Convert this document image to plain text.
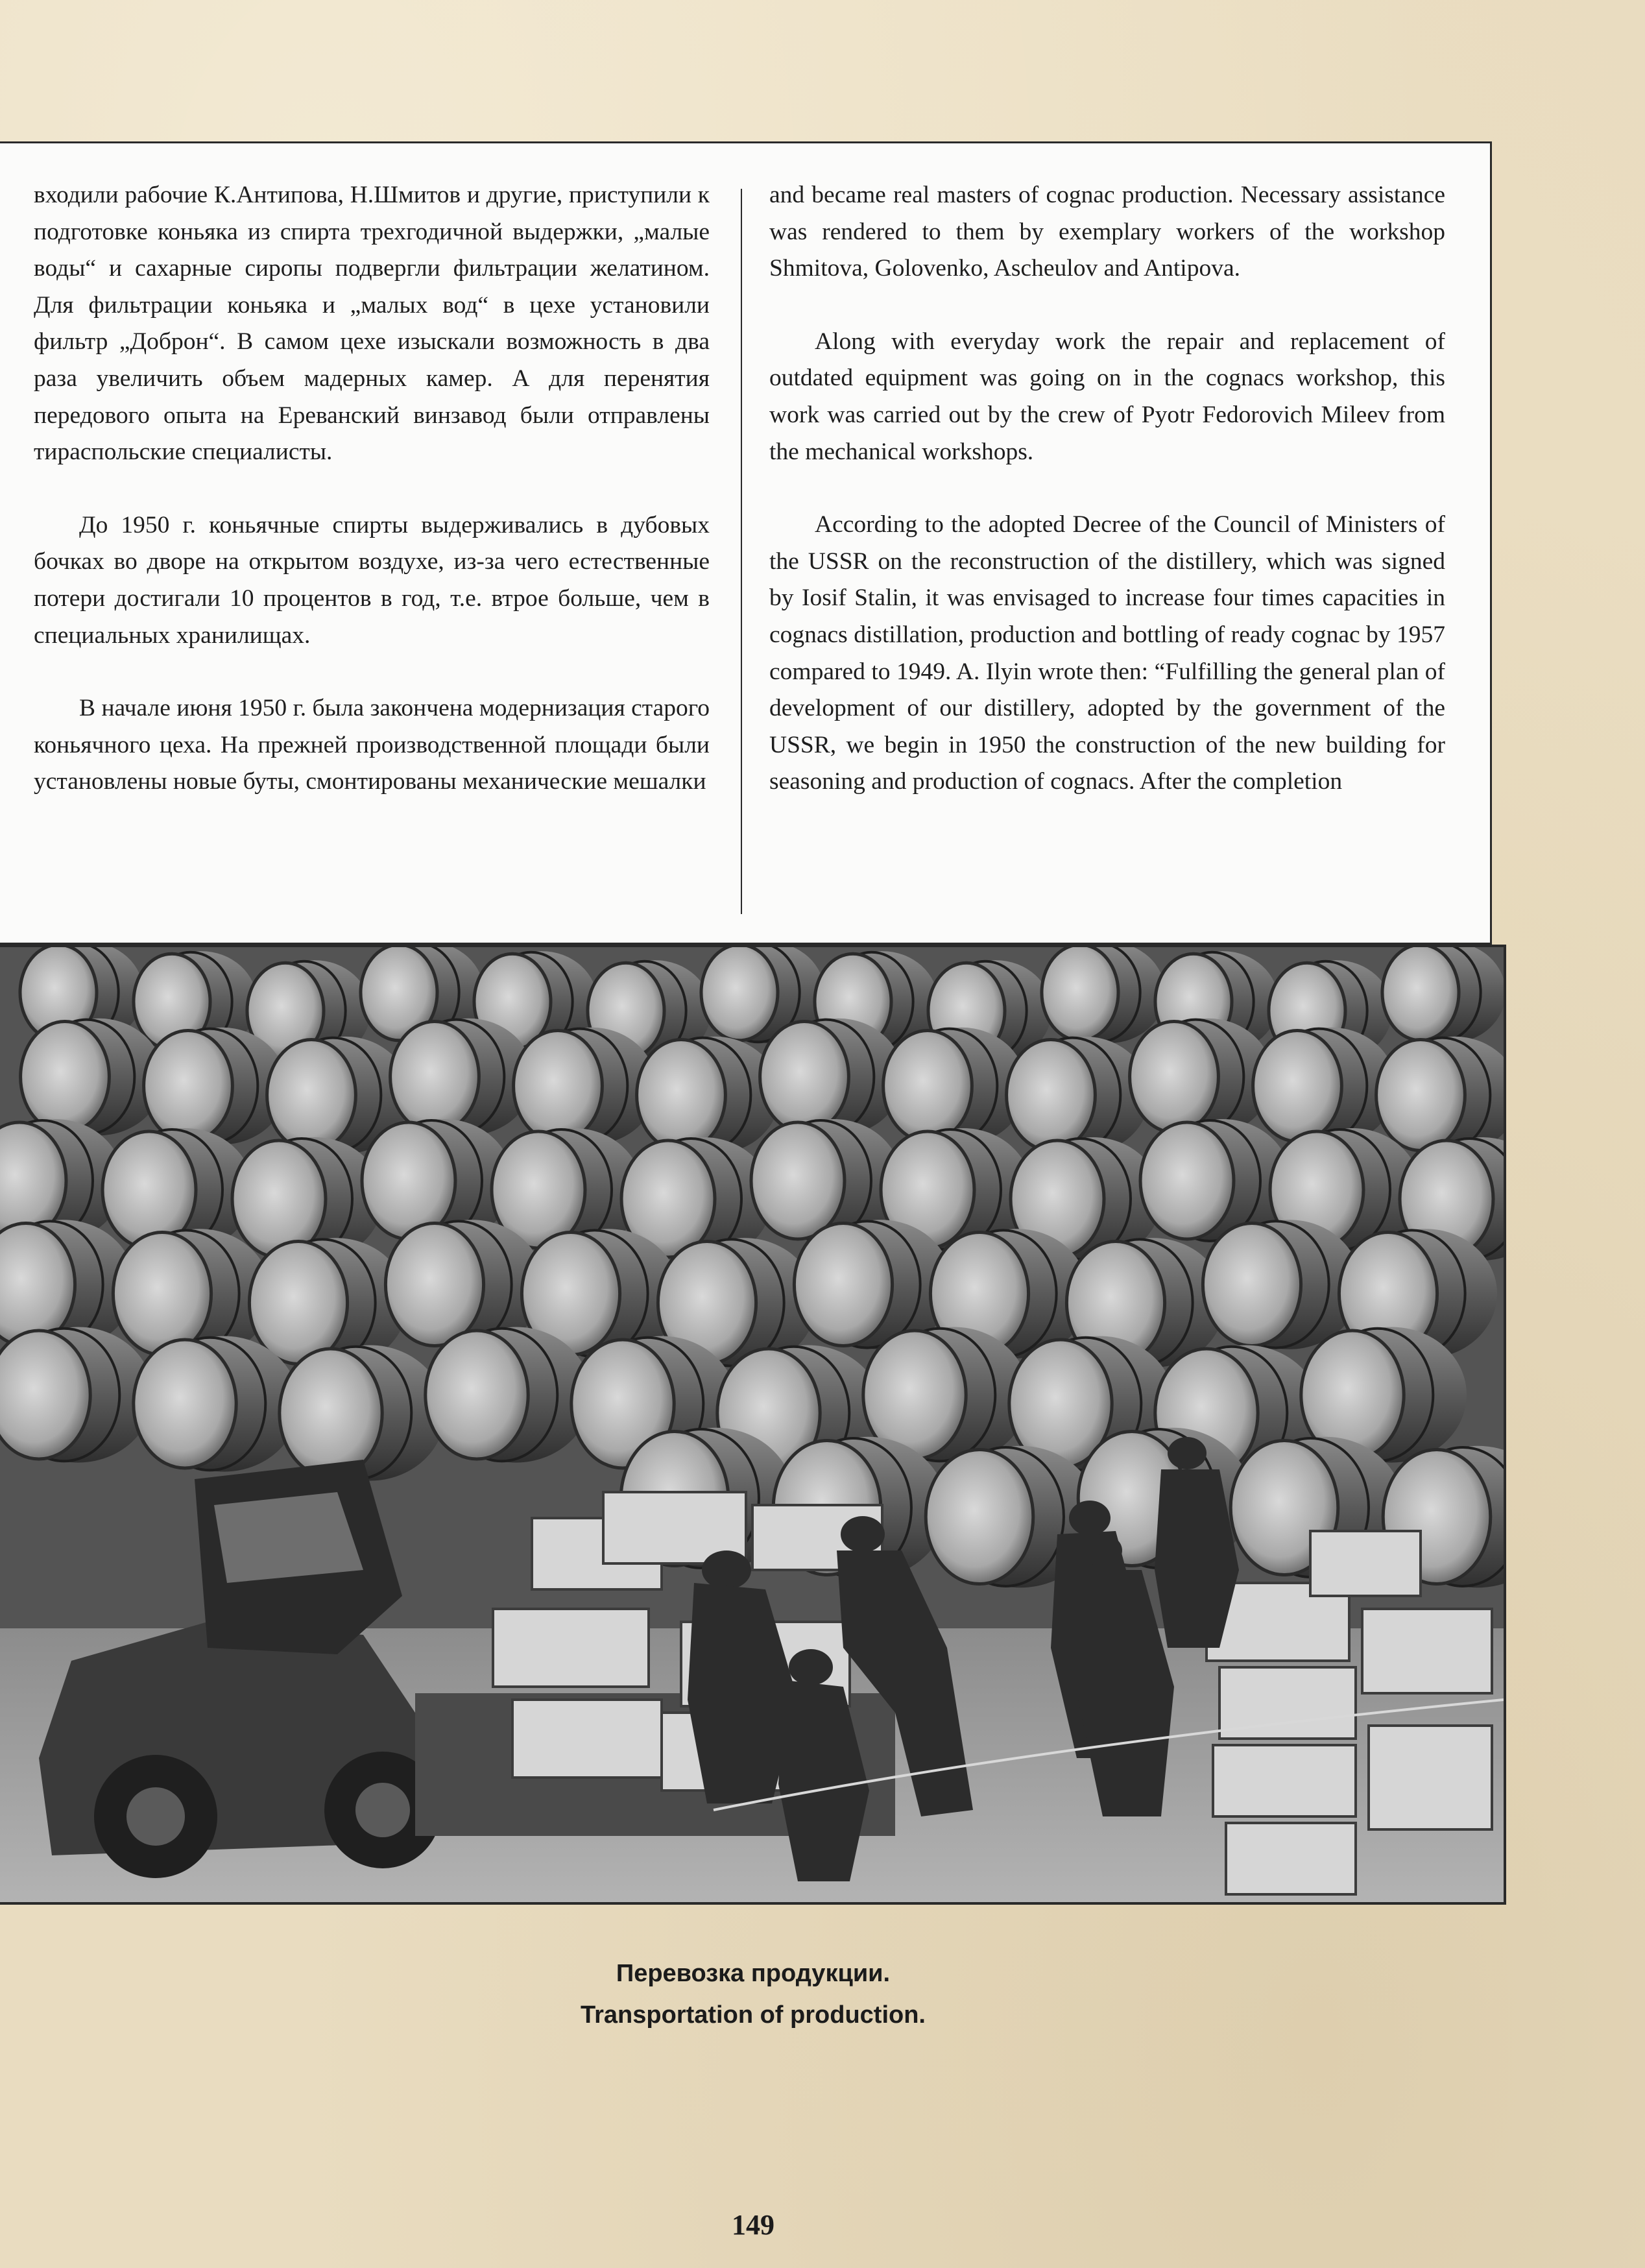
входили рабочие К.Антипова, Н.Шмитов и другие, приступили к подготовке коньяка из спирта трехгодичной выдержки, „малые воды“ и сахарные сиропы подвергли фильтрации желатином. Для фильтрации коньяка и „малых вод“ в цехе установили фильтр „Доброн“. В самом цехе изыскали возможность в два раза увеличить объем мадерных камер. А для перенятия передового опыта на Ереванский винзавод были отправлены тираспольские специалисты.

До 1950 г. коньячные спирты выдерживались в дубовых бочках во дворе на открытом воздухе, из-за чего естественные потери достигали 10 процентов в год, т.е. втрое больше, чем в специальных хранилищах.

В начале июня 1950 г. была закончена модернизация старого коньячного цеха. На прежней производственной площади были установлены новые буты, смонтированы механические мешалки

and became real masters of cognac production. Necessary assistance was rendered to them by exemplary workers of the workshop Shmitova, Golovenko, Ascheulov and Antipova.

Along with everyday work the repair and replacement of outdated equipment was going on in the cognacs workshop, this work was carried out by the crew of Pyotr Fedorovich Mileev from the mechanical workshops.

According to the adopted Decree of the Council of Ministers of the USSR on the reconstruction of the distillery, which was signed by Iosif Stalin, it was envisaged to increase four times capacities in cognacs distillation, production and bottling of ready cognac by 1957 compared to 1949. A. Ilyin wrote then: “Fulfilling the general plan of development of our distillery, adopted by the government of the USSR, we begin in 1950 the construction of the new building for seasoning and production of cognacs. After the completion

Перевозка продукции.
Transportation of production.
149
